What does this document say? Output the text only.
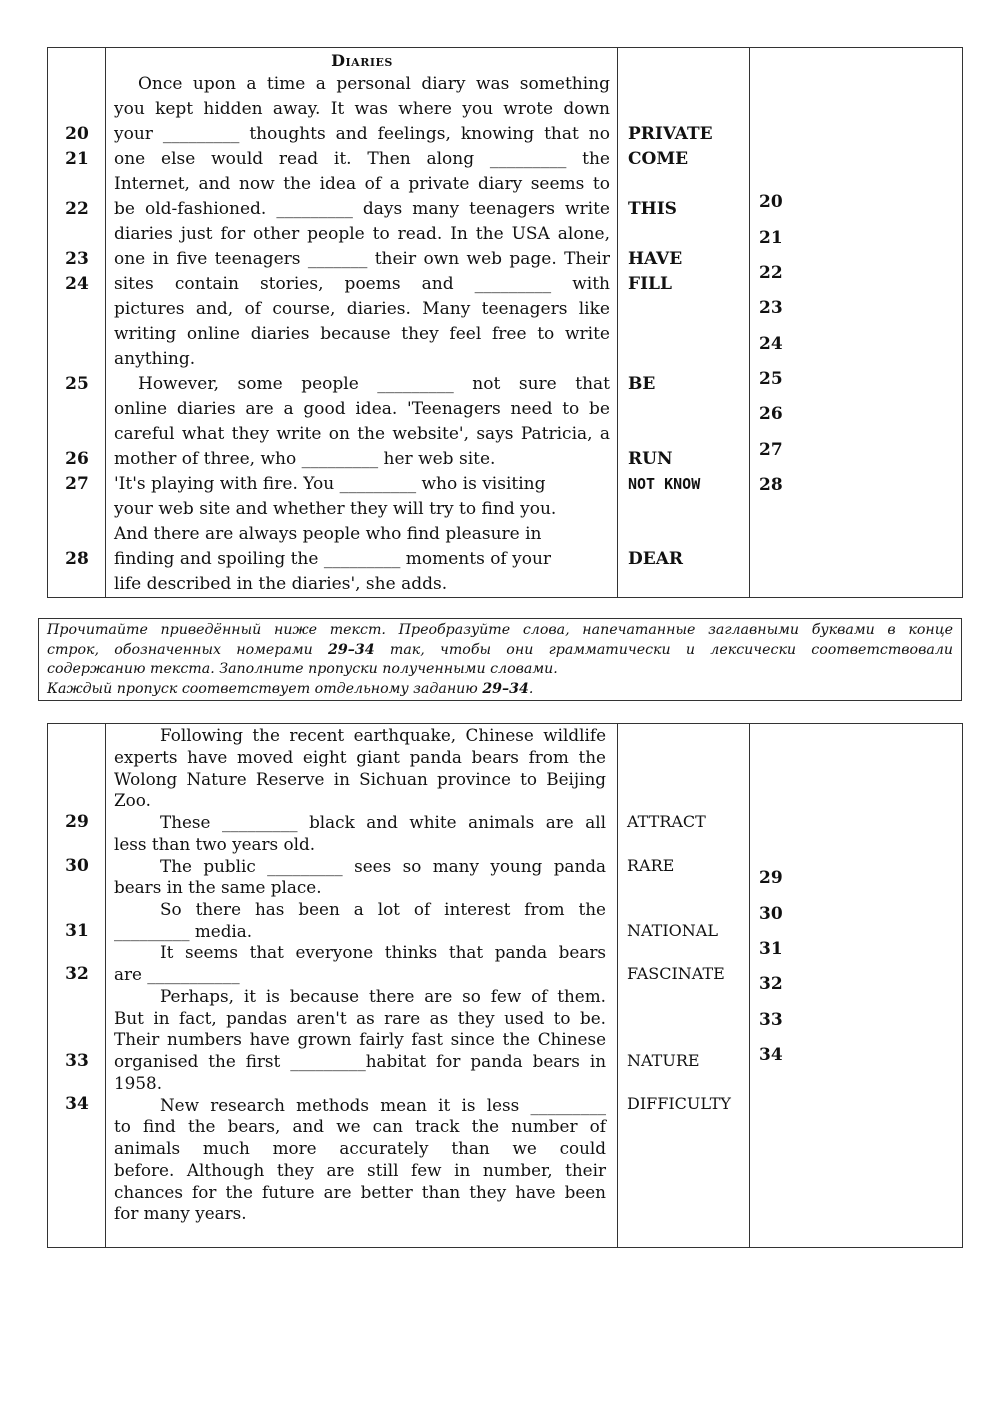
Diaries
Once upon a time a personal diary was something
you kept hidden away. It was where you wrote down
your _________ thoughts and feelings, knowing that no
one else would read it. Then along _________ the
Internet, and now the idea of a private diary seems to
be old-fashioned. _________ days many teenagers write
diaries just for other people to read. In the USA alone,
one in five teenagers _______ their own web page. Their
sites contain stories, poems and _________ with
pictures and, of course, diaries. Many teenagers like
writing online diaries because they feel free to write
anything.
However, some people _________ not sure that
online diaries are a good idea. 'Teenagers need to be
careful what they write on the website', says Patricia, a
mother of three, who _________ her web site.
'It's playing with fire. You _________ who is visiting
your web site and whether they will try to find you.
And there are always people who find pleasure in
finding and spoiling the _________ moments of your
life described in the diaries', she adds.
20
21
22
23
24
25
26
27
28
PRIVATE
COME
THIS
HAVE
FILL
BE
RUN
NOT KNOW
DEAR
20
21
22
23
24
25
26
27
28

Прочитайте приведённый ниже текст. Преобразуйте слова, напечатанные заглавными буквами в конце

строк, обозначенных номерами 29–34 так, чтобы они грамматически и лексически соответствовали

содержанию текста. Заполните пропуски полученными словами.

Каждый пропуск соответствует отдельному заданию 29–34.

Following the recent earthquake, Chinese wildlife
experts have moved eight giant panda bears from the
Wolong Nature Reserve in Sichuan province to Beijing
Zoo.
These _________ black and white animals are all
less than two years old.
The public _________ sees so many young panda
bears in the same place.
So there has been a lot of interest from the
_________ media.
It seems that everyone thinks that panda bears
are ___________
Perhaps, it is because there are so few of them.
But in fact, pandas aren't as rare as they used to be.
Their numbers have grown fairly fast since the Chinese
organised the first _________habitat for panda bears in
1958.
New research methods mean it is less _________
to find the bears, and we can track the number of
animals much more accurately than we could
before. Although they are still few in number, their
chances for the future are better than they have been
for many years.
29
30
31
32
33
34
ATTRACT
RARE
NATIONAL
FASCINATE
NATURE
DIFFICULTY
29
30
31
32
33
34
